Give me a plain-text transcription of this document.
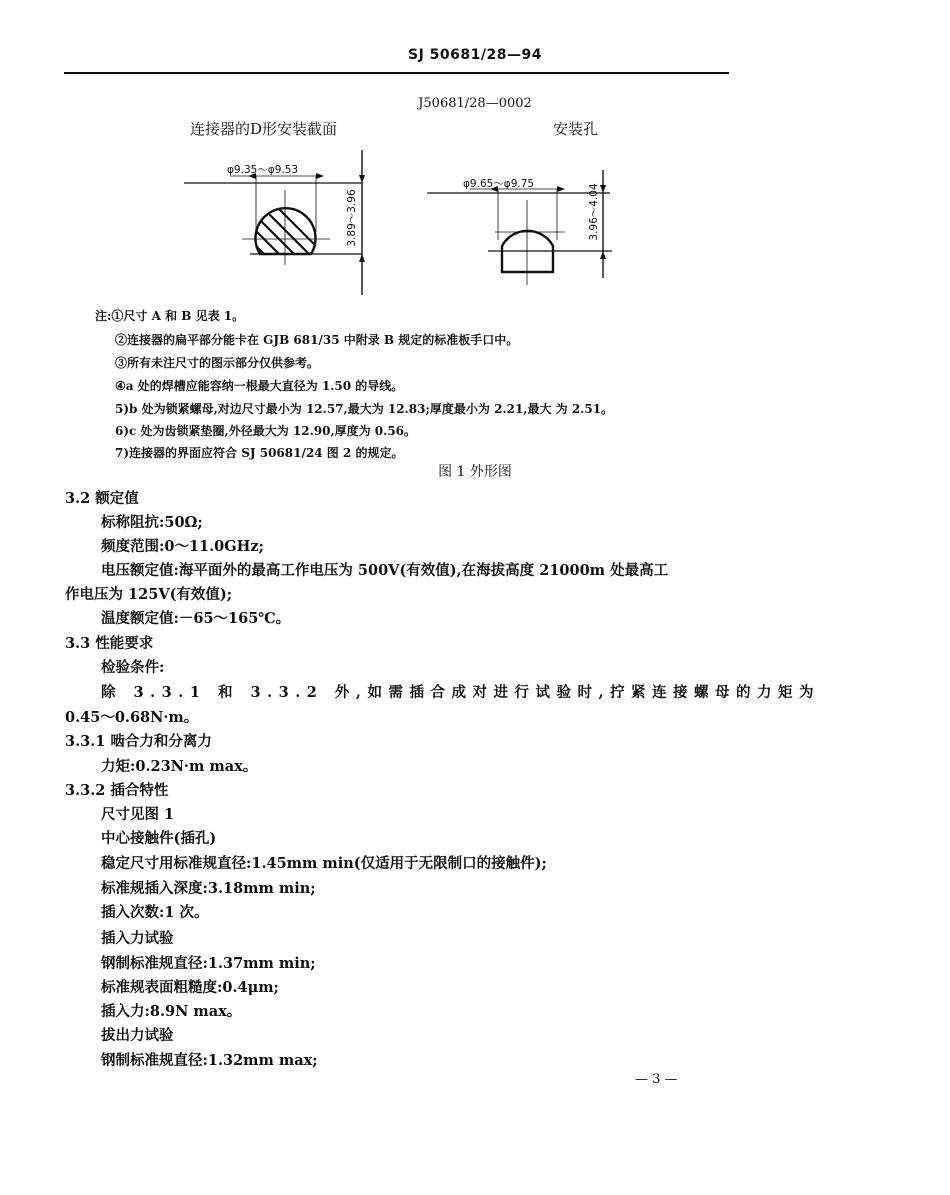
SJ 50681/28—94
J50681/28—0002
连接器的D形安装截面	安装孔
φ9.35～φ9.53
3.89～3.96
φ9.65～φ9.75	3.96～4.04
注:①尺寸 A 和 B 见表 1。
②连接器的扁平部分能卡在 GJB 681/35 中附录 B 规定的标准板手口中。
③所有未注尺寸的图示部分仅供参考。
④a 处的焊槽应能容纳一根最大直径为 1.50 的导线。
5)b 处为锁紧螺母,对边尺寸最小为 12.57,最大为 12.83;厚度最小为 2.21,最大 为 2.51。
6)c 处为齿锁紧垫圈,外径最大为 12.90,厚度为 0.56。
7)连接器的界面应符合 SJ 50681/24 图 2 的规定。
图 1 外形图
3.2 额定值
标称阻抗:50Ω;
频度范围:0～11.0GHz;
电压额定值:海平面外的最高工作电压为 500V(有效值),在海拔高度 21000m 处最高工
作电压为 125V(有效值);
温度额定值:－65～165℃。
3.3 性能要求
检验条件:
除 3.3.1 和 3.3.2 外,如需插合成对进行试验时,拧紧连接螺母的力矩为
0.45～0.68N·m。
3.3.1 啮合力和分离力
力矩:0.23N·m max。
3.3.2 插合特性
尺寸见图 1
中心接触件(插孔)
稳定尺寸用标准规直径:1.45mm min(仅适用于无限制口的接触件);
标准规插入深度:3.18mm min;
插入次数:1 次。
插入力试验
钢制标准规直径:1.37mm min;
标准规表面粗糙度:0.4μm;
插入力:8.9N max。
拔出力试验
钢制标准规直径:1.32mm max;
— 3 —
